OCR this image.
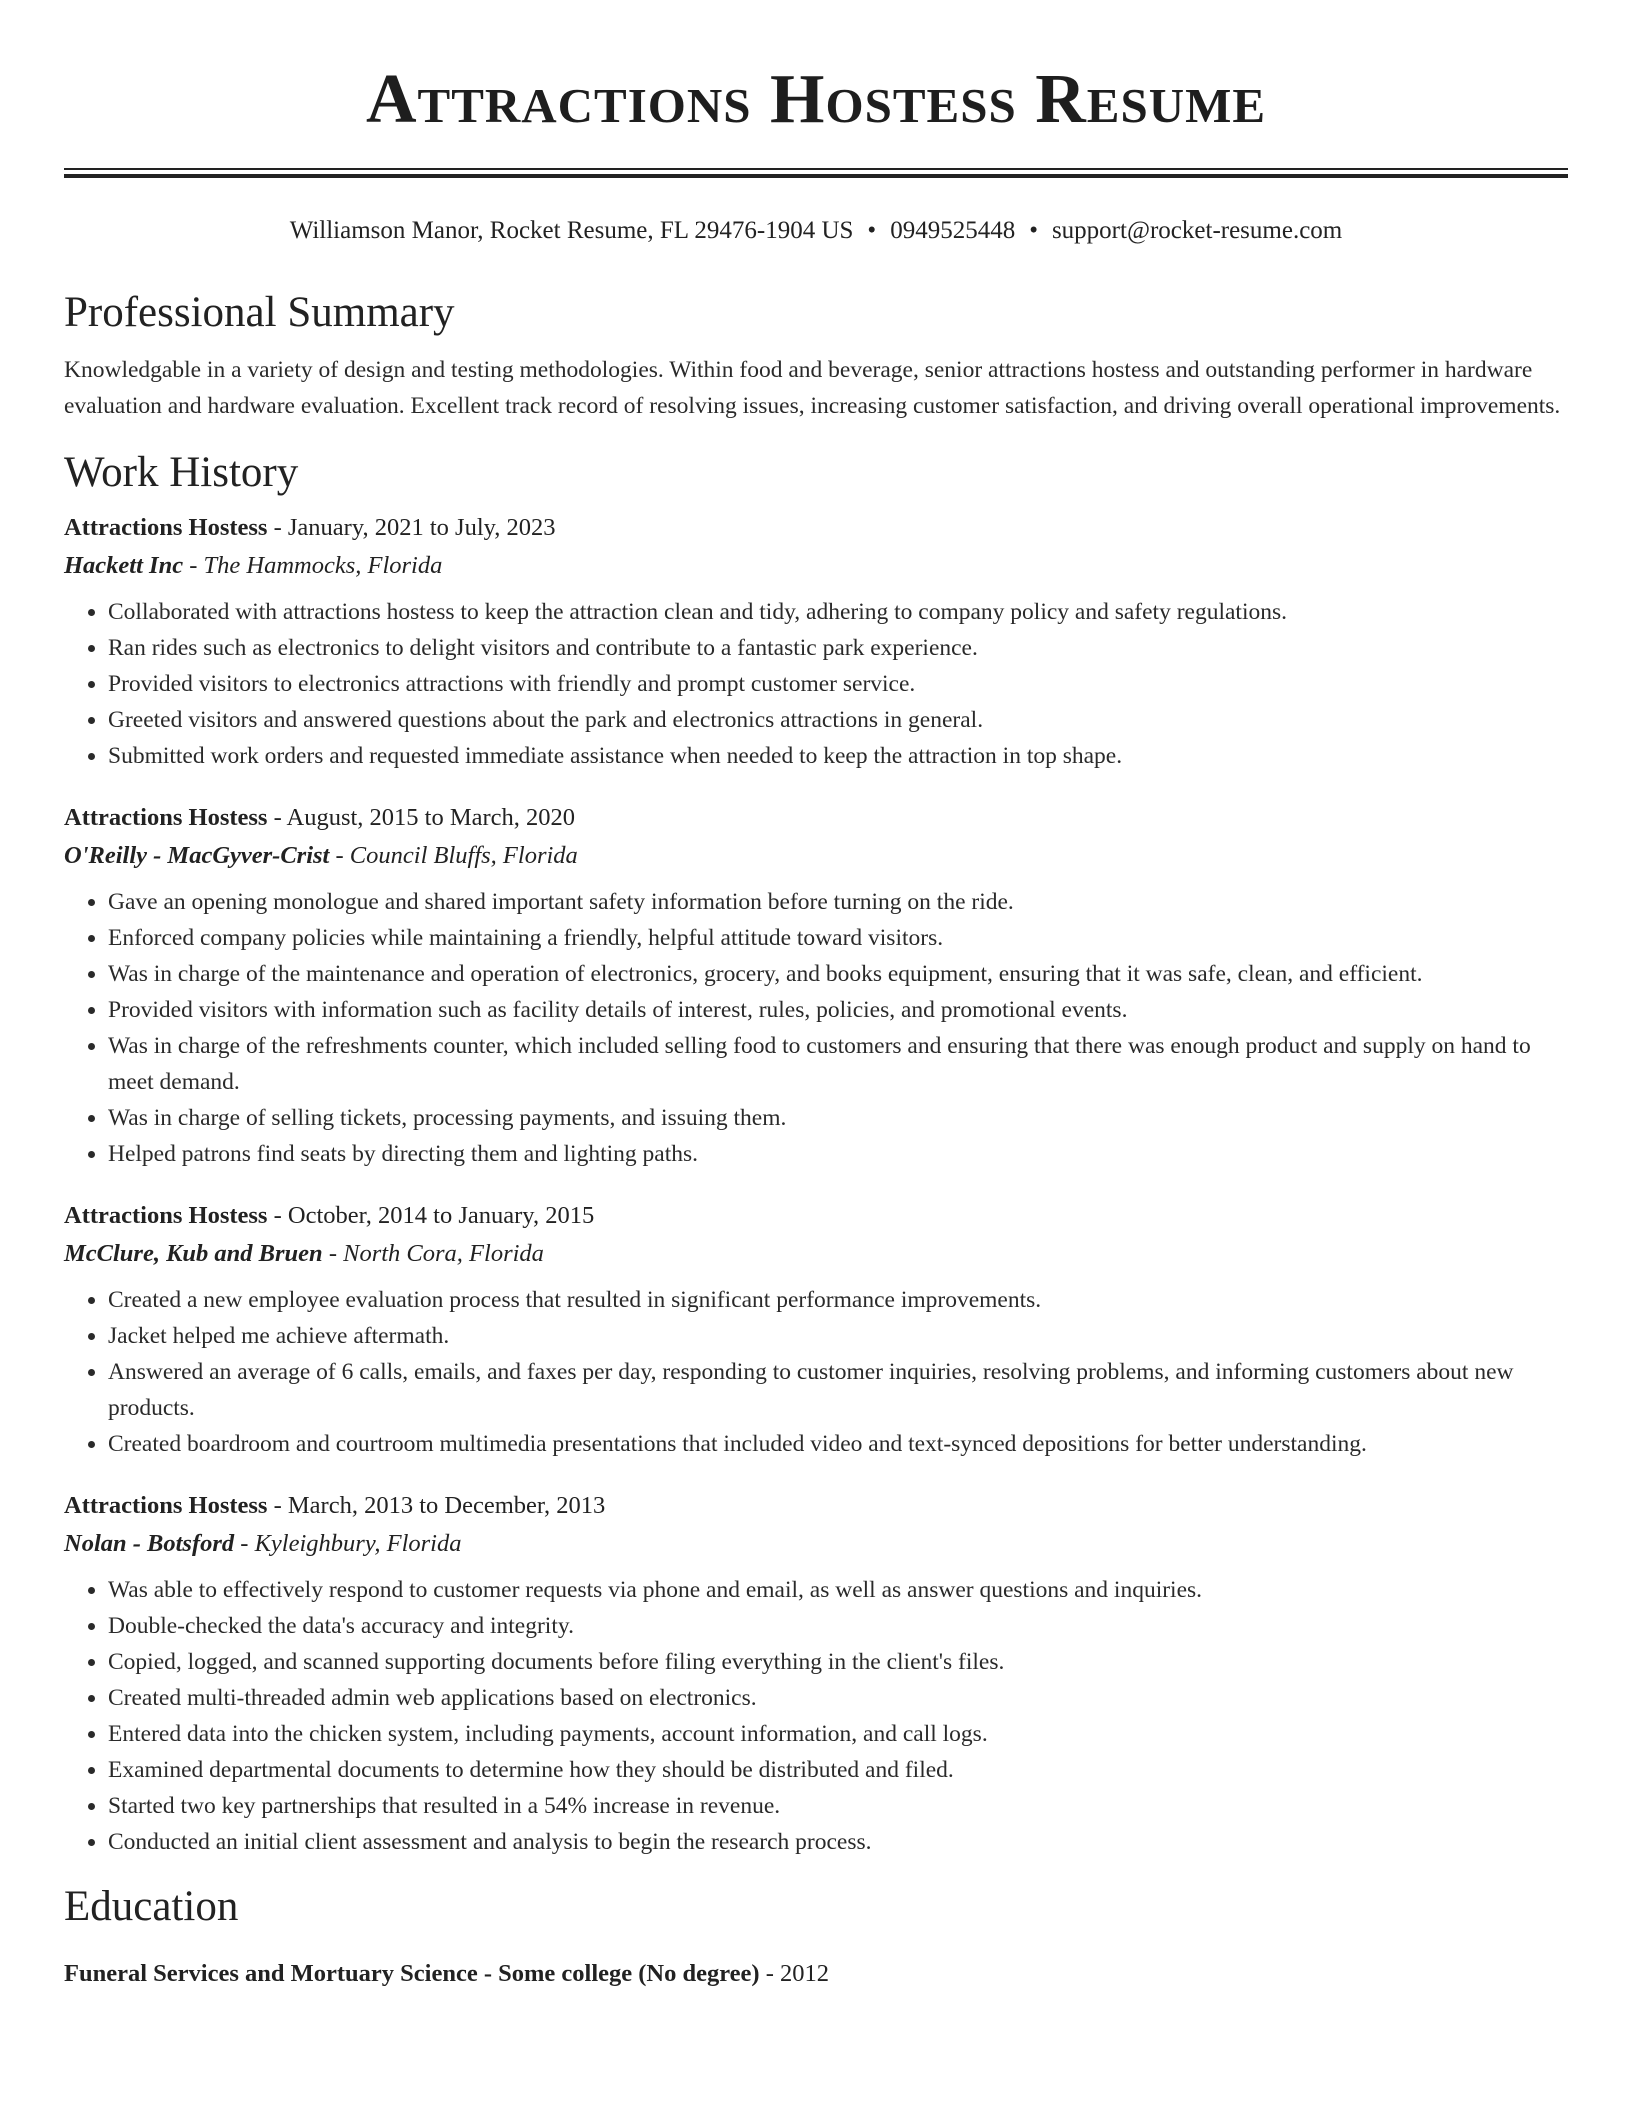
Attractions Hostess Resume
Williamson Manor, Rocket Resume, FL 29476-1904 US • 0949525448 • support@rocket-resume.com
Professional Summary

Knowledgable in a variety of design and testing methodologies. Within food and beverage, senior attractions hostess and outstanding performer in hardware evaluation and hardware evaluation. Excellent track record of resolving issues, increasing customer satisfaction, and driving overall operational improvements.

Work History
Attractions Hostess - January, 2021 to July, 2023
Hackett Inc - The Hammocks, Florida
• Collaborated with attractions hostess to keep the attraction clean and tidy, adhering to company policy and safety regulations.
• Ran rides such as electronics to delight visitors and contribute to a fantastic park experience.
• Provided visitors to electronics attractions with friendly and prompt customer service.
• Greeted visitors and answered questions about the park and electronics attractions in general.
• Submitted work orders and requested immediate assistance when needed to keep the attraction in top shape.
Attractions Hostess - August, 2015 to March, 2020
O'Reilly - MacGyver-Crist - Council Bluffs, Florida
• Gave an opening monologue and shared important safety information before turning on the ride.
• Enforced company policies while maintaining a friendly, helpful attitude toward visitors.
• Was in charge of the maintenance and operation of electronics, grocery, and books equipment, ensuring that it was safe, clean, and efficient.
• Provided visitors with information such as facility details of interest, rules, policies, and promotional events.
• Was in charge of the refreshments counter, which included selling food to customers and ensuring that there was enough product and supply on hand to meet demand.
• Was in charge of selling tickets, processing payments, and issuing them.
• Helped patrons find seats by directing them and lighting paths.
Attractions Hostess - October, 2014 to January, 2015
McClure, Kub and Bruen - North Cora, Florida
• Created a new employee evaluation process that resulted in significant performance improvements.
• Jacket helped me achieve aftermath.
• Answered an average of 6 calls, emails, and faxes per day, responding to customer inquiries, resolving problems, and informing customers about new products.
• Created boardroom and courtroom multimedia presentations that included video and text-synced depositions for better understanding.
Attractions Hostess - March, 2013 to December, 2013
Nolan - Botsford - Kyleighbury, Florida
• Was able to effectively respond to customer requests via phone and email, as well as answer questions and inquiries.
• Double-checked the data's accuracy and integrity.
• Copied, logged, and scanned supporting documents before filing everything in the client's files.
• Created multi-threaded admin web applications based on electronics.
• Entered data into the chicken system, including payments, account information, and call logs.
• Examined departmental documents to determine how they should be distributed and filed.
• Started two key partnerships that resulted in a 54% increase in revenue.
• Conducted an initial client assessment and analysis to begin the research process.
Education
Funeral Services and Mortuary Science - Some college (No degree) - 2012
